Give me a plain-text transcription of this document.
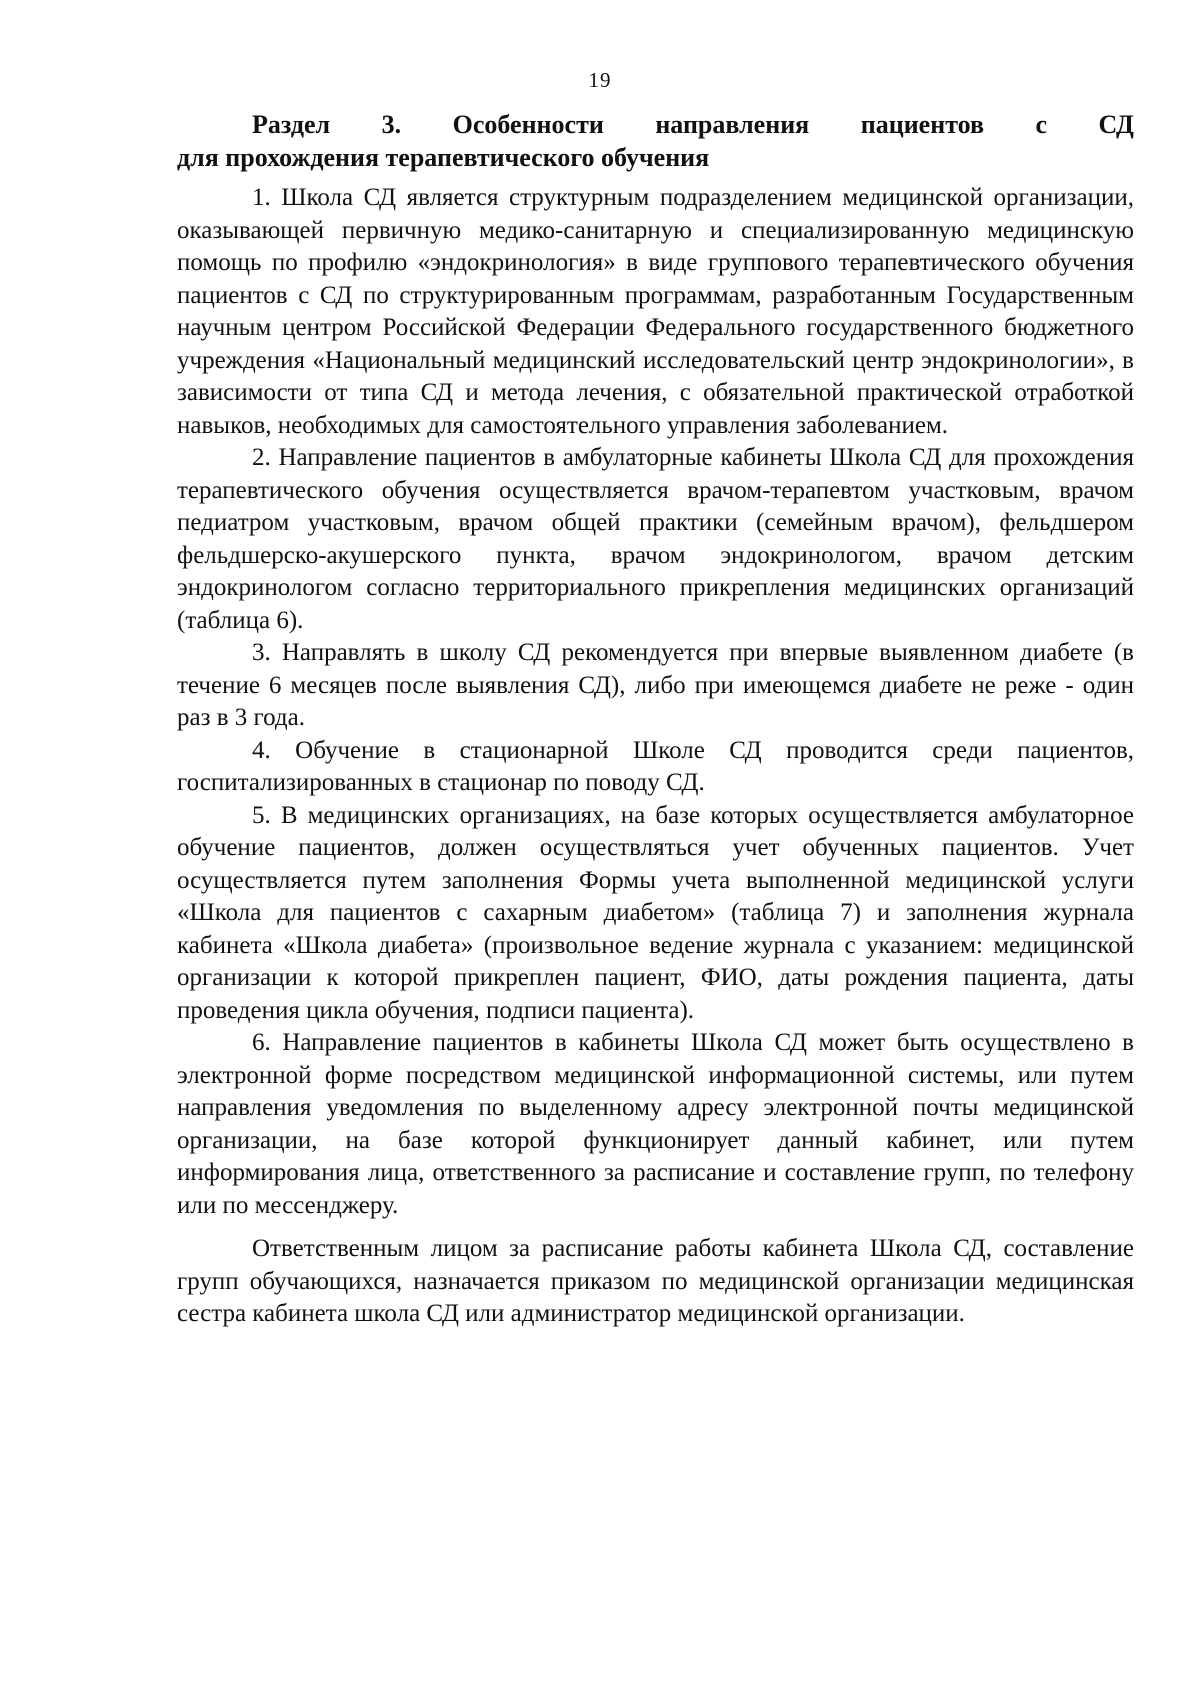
19
Раздел 3. Особенности направления пациентов с СД
для прохождения терапевтического обучения

1. Школа СД является структурным подразделением медицинской организации, оказывающей первичную медико-санитарную и специализированную медицинскую помощь по профилю «эндокринология» в виде группового терапевтического обучения пациентов с СД по структурированным программам, разработанным Государственным научным центром Российской Федерации Федерального государственного бюджетного учреждения «Национальный медицинский исследовательский центр эндокринологии», в зависимости от типа СД и метода лечения, с обязательной практической отработкой навыков, необходимых для самостоятельного управления заболеванием.

2. Направление пациентов в амбулаторные кабинеты Школа СД для прохождения терапевтического обучения осуществляется врачом-терапевтом участковым, врачом педиатром участковым, врачом общей практики (семейным врачом), фельдшером фельдшерско-акушерского пункта, врачом эндокринологом, врачом детским эндокринологом согласно территориального прикрепления медицинских организаций (таблица 6).

3. Направлять в школу СД рекомендуется при впервые выявленном диабете (в течение 6 месяцев после выявления СД), либо при имеющемся диабете не реже - один раз в 3 года.

4. Обучение в стационарной Школе СД проводится среди пациентов, госпитализированных в стационар по поводу СД.

5. В медицинских организациях, на базе которых осуществляется амбулаторное обучение пациентов, должен осуществляться учет обученных пациентов. Учет осуществляется путем заполнения Формы учета выполненной медицинской услуги «Школа для пациентов с сахарным диабетом» (таблица 7) и заполнения журнала кабинета «Школа диабета» (произвольное ведение журнала с указанием: медицинской организации к которой прикреплен пациент, ФИО, даты рождения пациента, даты проведения цикла обучения, подписи пациента).

6. Направление пациентов в кабинеты Школа СД может быть осуществлено в электронной форме посредством медицинской информационной системы, или путем направления уведомления по выделенному адресу электронной почты медицинской организации, на базе которой функционирует данный кабинет, или путем информирования лица, ответственного за расписание и составление групп, по телефону или по мессенджеру.

Ответственным лицом за расписание работы кабинета Школа СД, составление групп обучающихся, назначается приказом по медицинской организации медицинская сестра кабинета школа СД или администратор медицинской организации.
